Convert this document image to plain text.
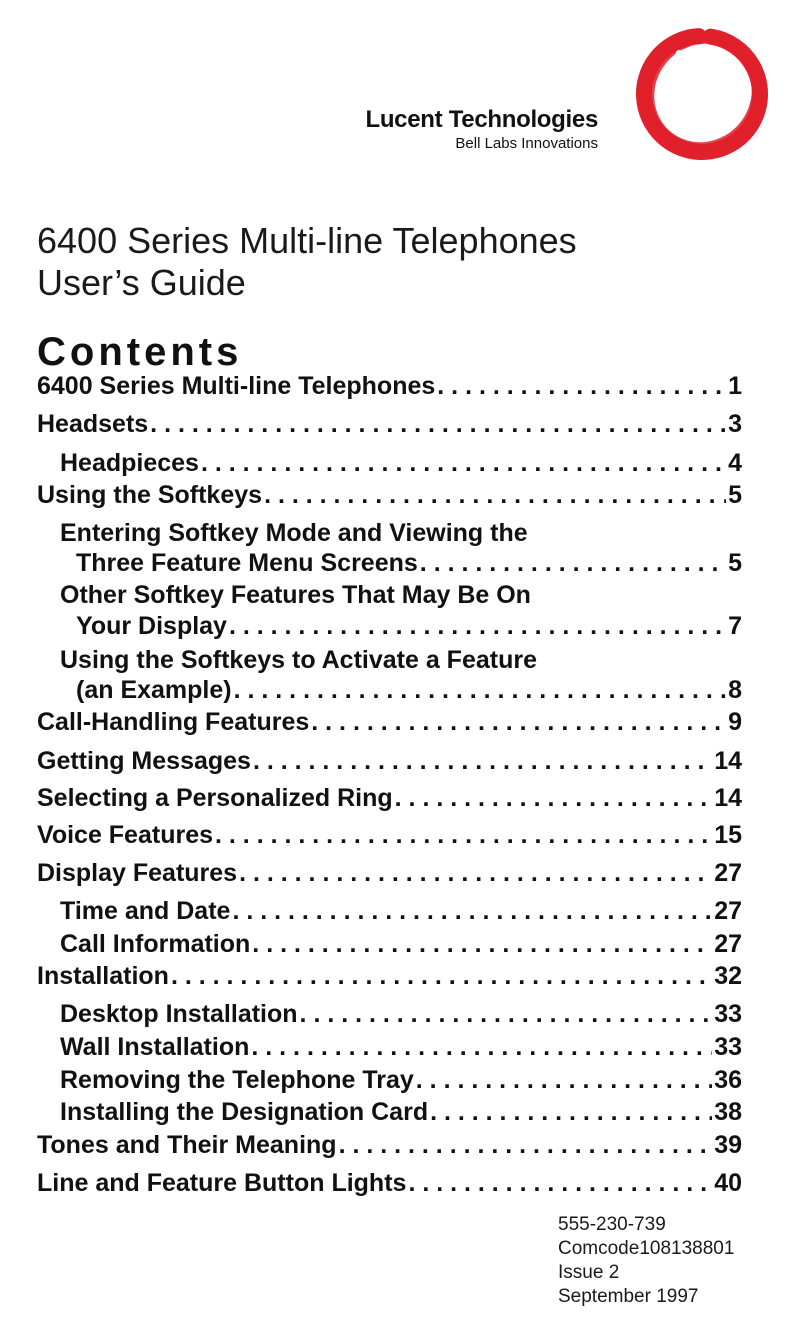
Lucent Technologies
Bell Labs Innovations
6400 Series Multi-line Telephones
User’s Guide
Contents
6400 Series Multi-line Telephones . . .	1
Headsets . . .	3
Headpieces . . .	4
Using the Softkeys . . .	5
Entering Softkey Mode and Viewing the
Three Feature Menu Screens . . .	5
Other Softkey Features That May Be On
Your Display . . .	7
Using the Softkeys to Activate a Feature
(an Example) . . .	8
Call-Handling Features . . .	9
Getting Messages . . .	14
Selecting a Personalized Ring . . .	14
Voice Features . . .	15
Display Features . . .	27
Time and Date . . .	27
Call Information . . .	27
Installation . . .	32
Desktop Installation . . .	33
Wall Installation . . .	33
Removing the Telephone Tray . . .	36
Installing the Designation Card . . .	38
Tones and Their Meaning . . .	39
Line and Feature Button Lights . . .	40
555-230-739
Comcode108138801
Issue 2
September 1997
